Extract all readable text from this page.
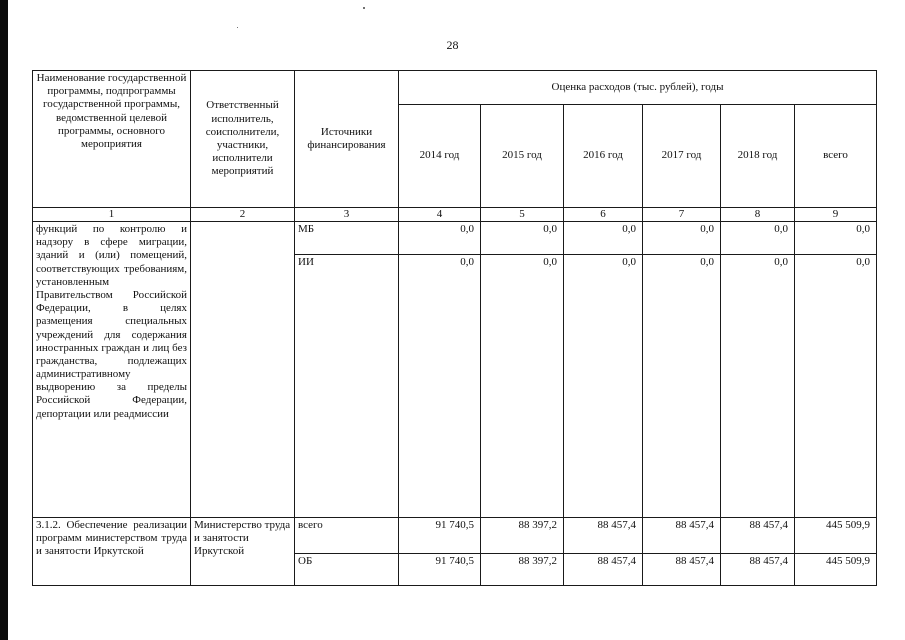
28
Наименование государственной программы, подпрограммы государственной программы, ведомственной целевой программы, основного мероприятия	Ответственный исполнитель, соисполнители, участники, исполнители мероприятий	Источники финансирования	Оценка расходов (тыс. рублей), годы					
			2014 год	2015 год	2016 год	2017 год	2018 год	всего
1	2	3	4	5	6	7	8	9
функций по контролю и надзору в сфере миграции, зданий и (или) помещений, соответствующих требованиям, установленным Правительством Российской Федерации, в целях размещения специальных учреждений для содержания иностранных граждан и лиц без гражданства, подлежащих административному выдворению за пределы Российской Федерации, депортации или реадмиссии		МБ	0,0	0,0	0,0	0,0	0,0	0,0
		ИИ	0,0	0,0	0,0	0,0	0,0	0,0
3.1.2. Обеспечение реализации программ министерством труда и занятости Иркутской	Министерство труда и занятости Иркутской	всего	91 740,5	88 397,2	88 457,4	88 457,4	88 457,4	445 509,9
		ОБ	91 740,5	88 397,2	88 457,4	88 457,4	88 457,4	445 509,9
